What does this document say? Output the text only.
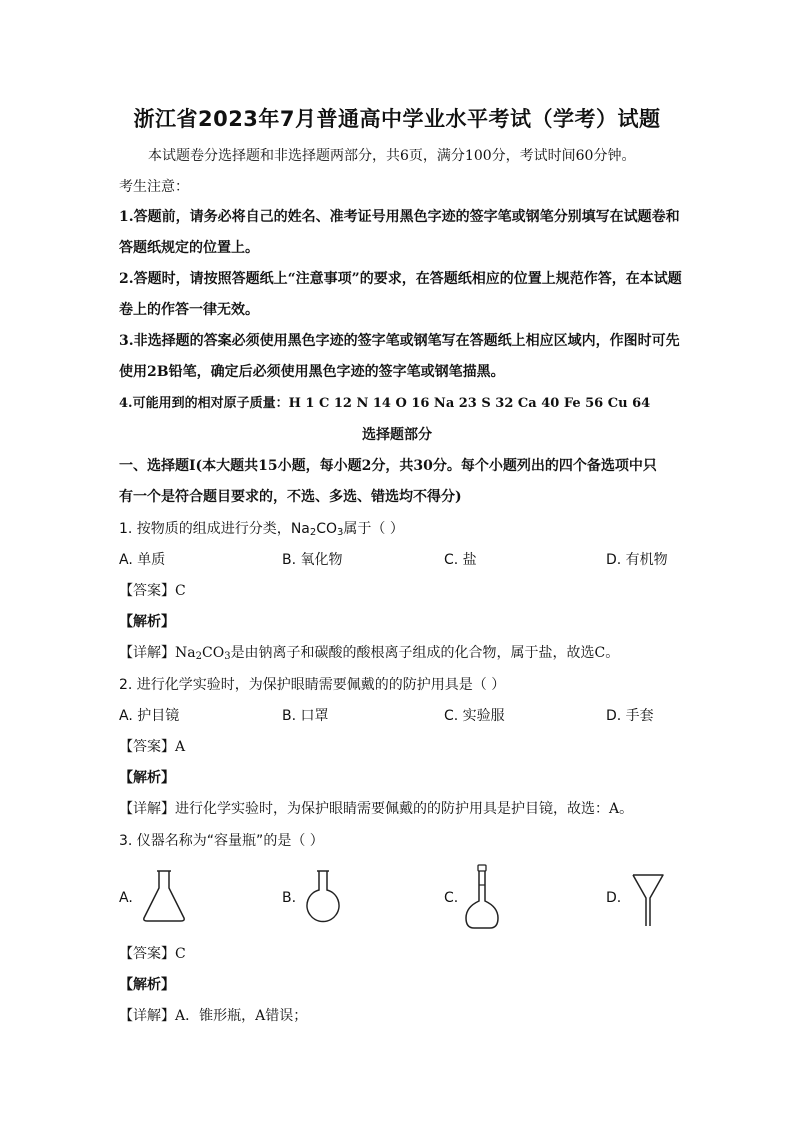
浙江省2023年7月普通高中学业水平考试（学考）试题
本试题卷分选择题和非选择题两部分，共6页，满分100分，考试时间60分钟。
考生注意：
1.答题前，请务必将自己的姓名、准考证号用黑色字迹的签字笔或钢笔分别填写在试题卷和
答题纸规定的位置上。
2.答题时，请按照答题纸上“注意事项”的要求，在答题纸相应的位置上规范作答，在本试题
卷上的作答一律无效。
3.非选择题的答案必须使用黑色字迹的签字笔或钢笔写在答题纸上相应区域内，作图时可先
使用2B铅笔，确定后必须使用黑色字迹的签字笔或钢笔描黑。
4.可能用到的相对原子质量：H 1 C 12 N 14 O 16 Na 23 S 32 Ca 40 Fe 56 Cu 64
选择题部分
一、选择题Ⅰ(本大题共15小题，每小题2分，共30分。每个小题列出的四个备选项中只
有一个是符合题目要求的，不选、多选、错选均不得分)
1. 按物质的组成进行分类，$Na_2CO_3$属于（ ）
A. 单质	B. 氧化物	C. 盐	D. 有机物
【答案】C
【解析】
【详解】$Na_2CO_3$是由钠离子和碳酸的酸根离子组成的化合物，属于盐，故选C。
2. 进行化学实验时，为保护眼睛需要佩戴的的防护用具是（ ）
A. 护目镜	B. 口罩	C. 实验服	D. 手套
【答案】A
【解析】
【详解】进行化学实验时，为保护眼睛需要佩戴的的防护用具是护目镜，故选：A。
3. 仪器名称为“容量瓶”的是（ ）
A.	B.	C.	D.
【答案】C
【解析】
【详解】A．锥形瓶，A错误；
